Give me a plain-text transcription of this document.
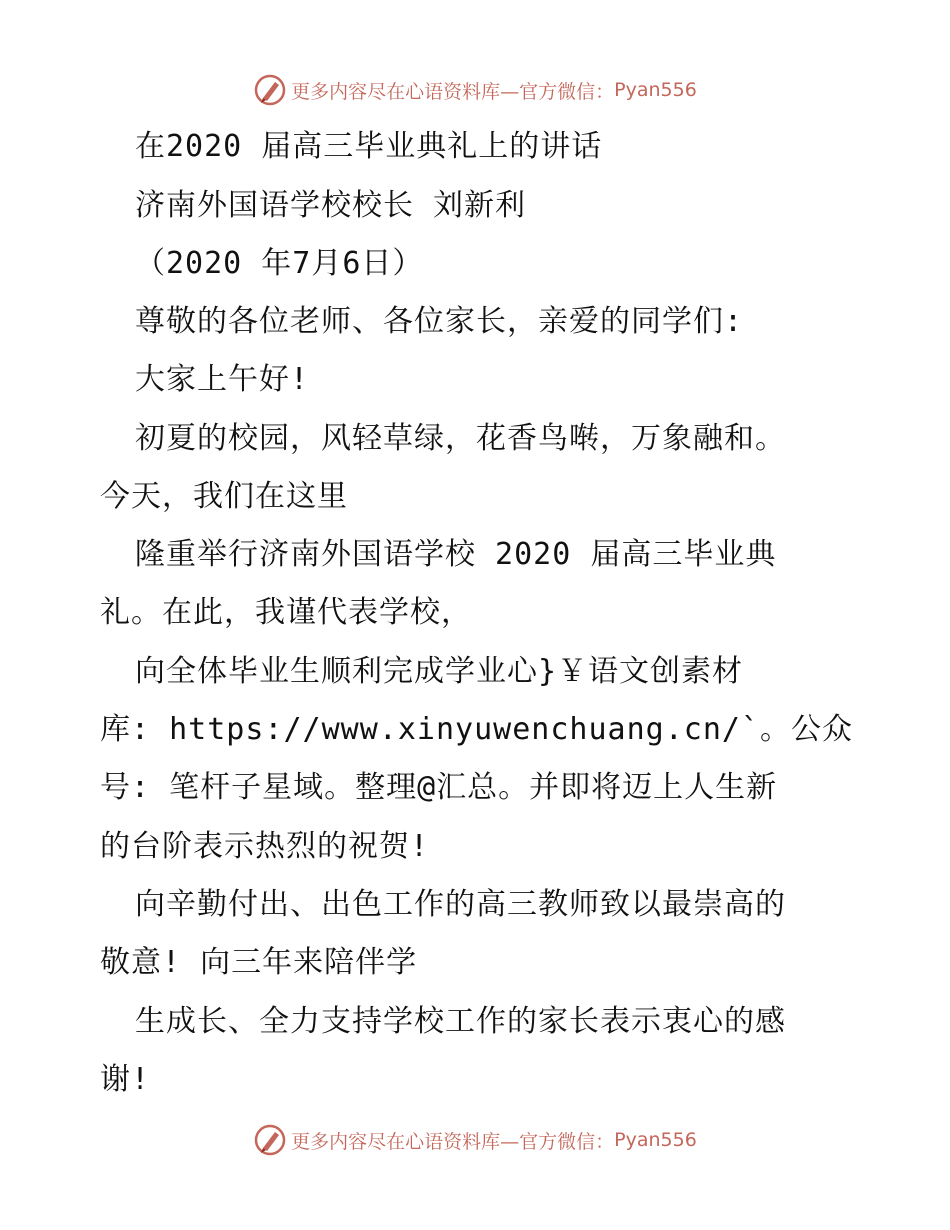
更多内容尽在心语资料库—官方微信： Pyan556
在2020 届高三毕业典礼上的讲话
济南外国语学校校长 刘新利
（2020 年7月6日）
尊敬的各位老师、各位家长，亲爱的同学们:
大家上午好!
初夏的校园，风轻草绿，花香鸟啭，万象融和。
今天，我们在这里
隆重举行济南外国语学校 2020 届高三毕业典
礼。在此，我谨代表学校，
向全体毕业生顺利完成学业心}￥语文创素材
库: https://www.xinyuwenchuang.cn/`。公众
号: 笔杆子星域。整理@汇总。并即将迈上人生新
的台阶表示热烈的祝贺!
向辛勤付出、出色工作的高三教师致以最崇高的
敬意! 向三年来陪伴学
生成长、全力支持学校工作的家长表示衷心的感
谢!
更多内容尽在心语资料库—官方微信： Pyan556
